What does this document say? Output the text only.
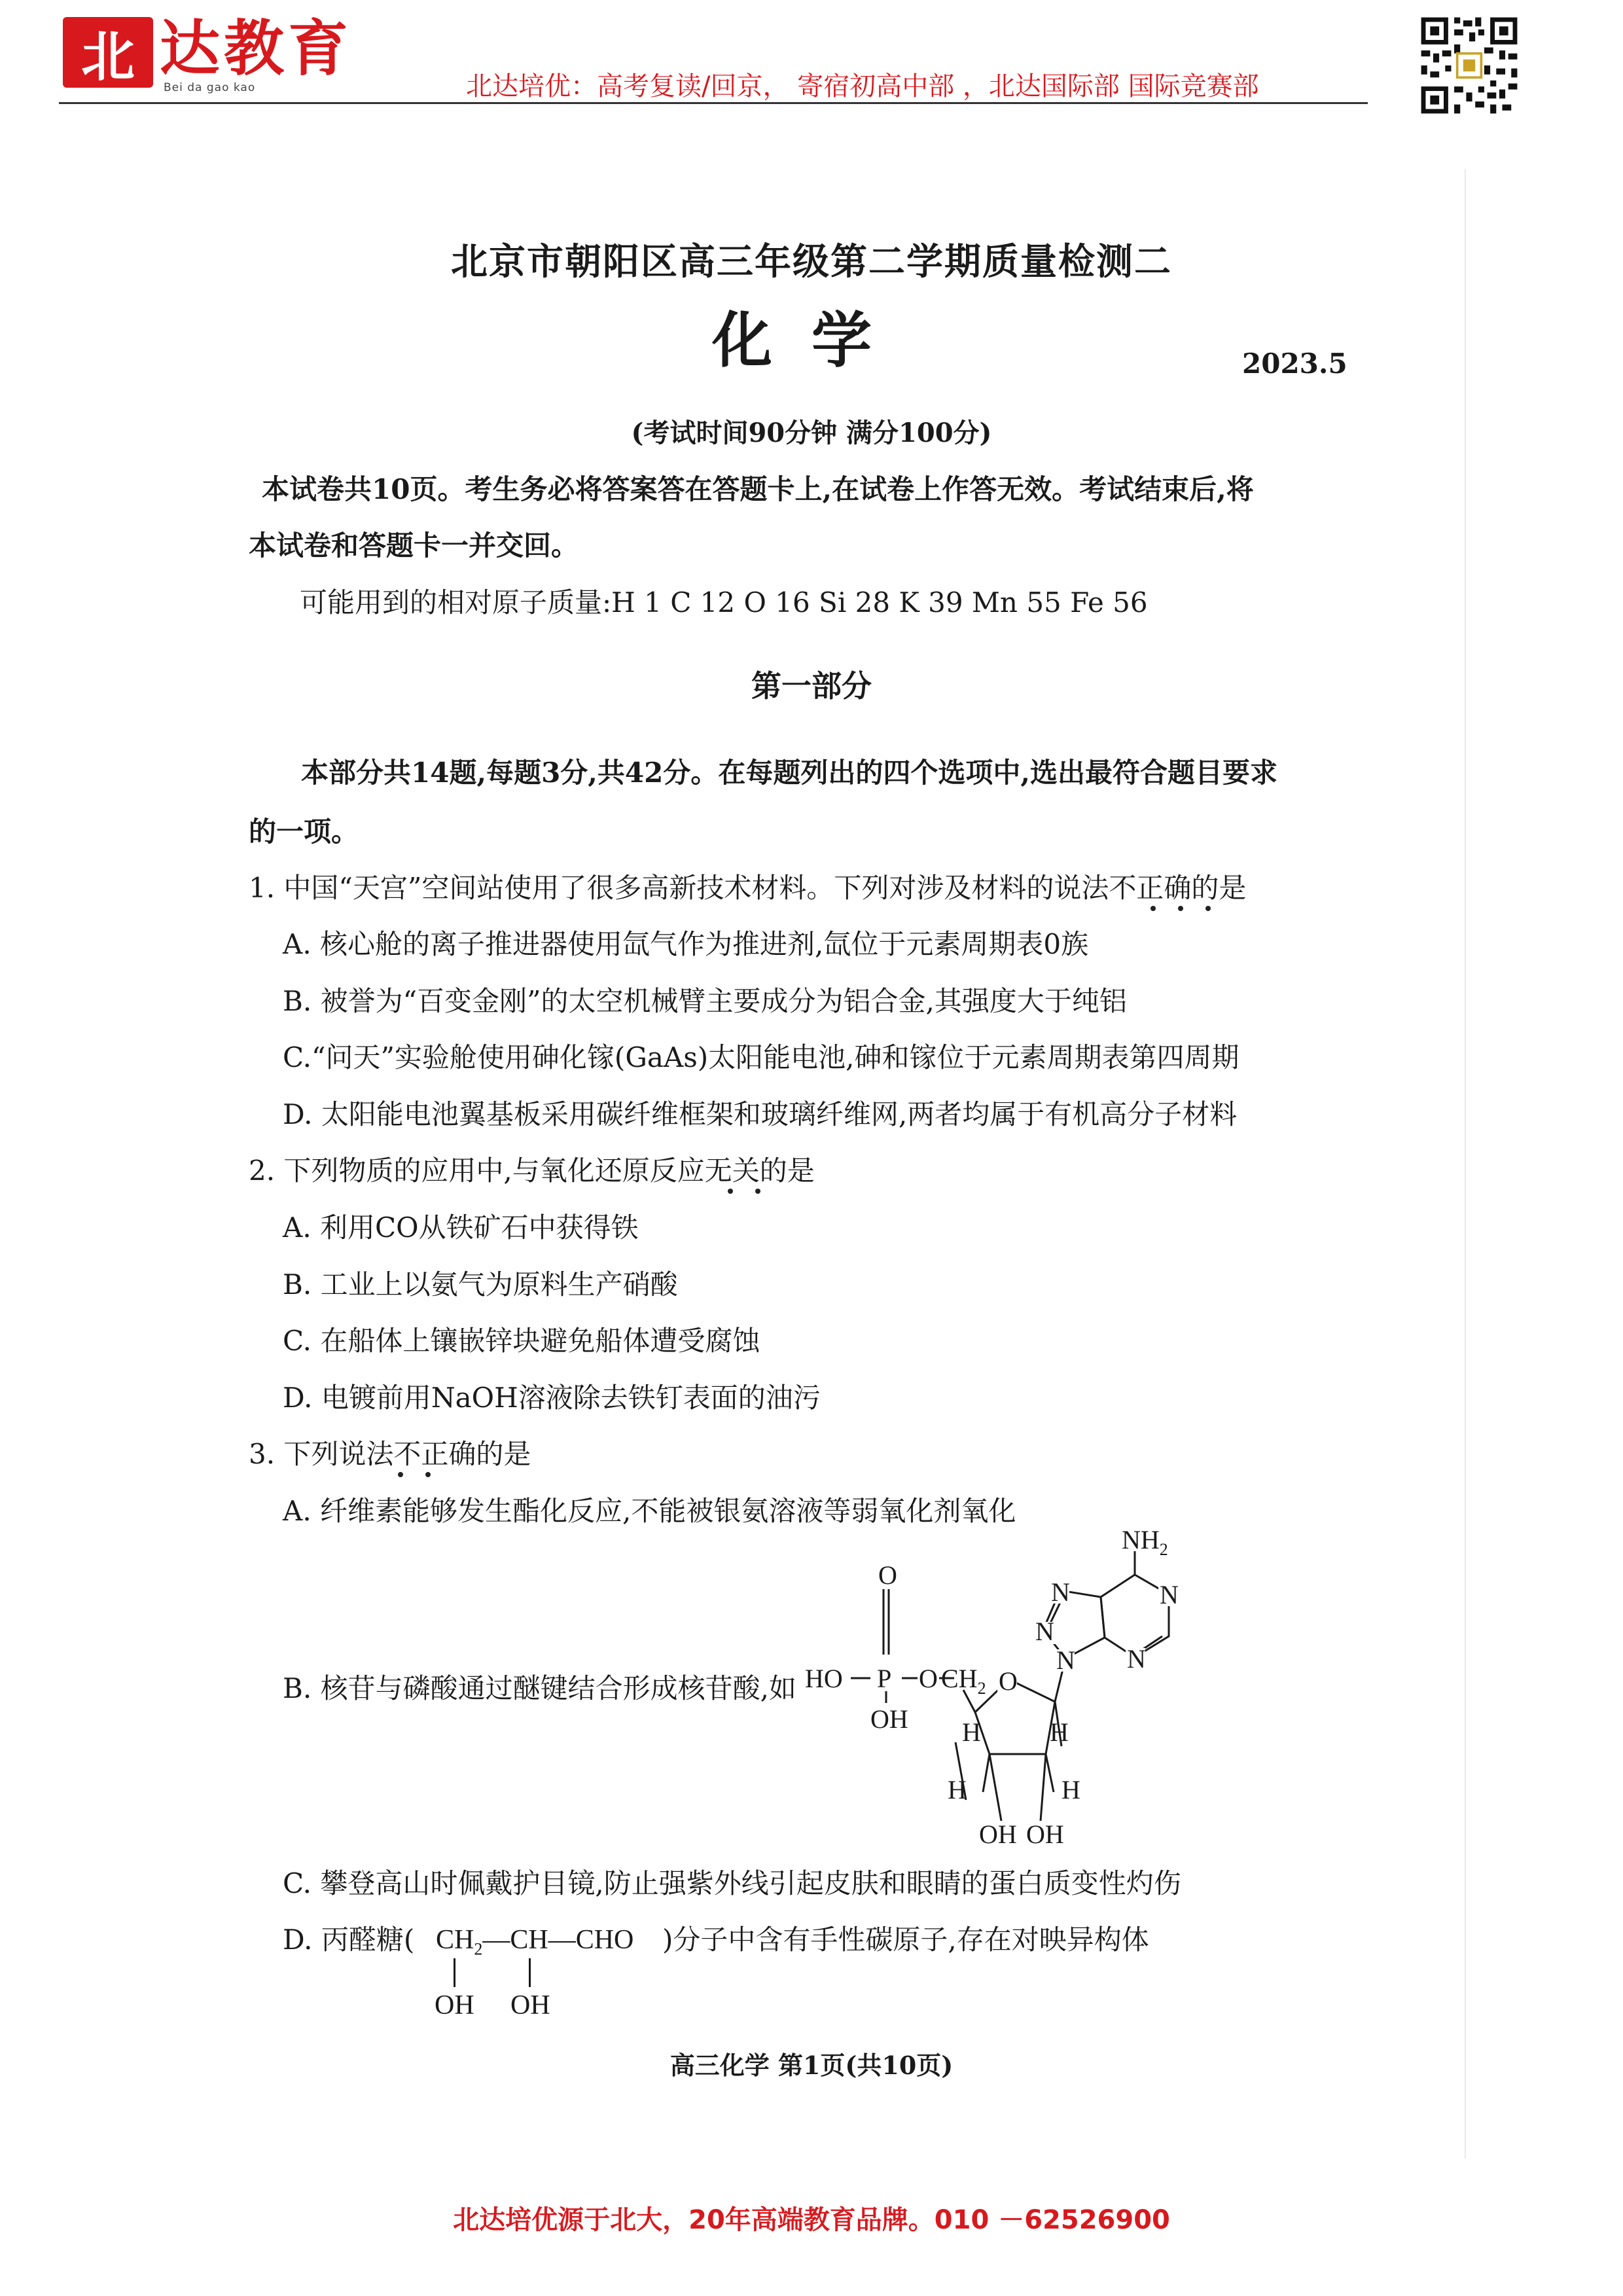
北 达教育
Bei da gao kao	北达培优：高考复读/回京， 寄宿初高中部 ，北达国际部 国际竞赛部
北京市朝阳区高三年级第二学期质量检测二
化学	2023.5
(考试时间90分钟 满分100分)
本试卷共10页。考生务必将答案答在答题卡上,在试卷上作答无效。考试结束后,将
本试卷和答题卡一并交回。
可能用到的相对原子质量:H 1 C 12 O 16 Si 28 K 39 Mn 55 Fe 56
第一部分
本部分共14题,每题3分,共42分。在每题列出的四个选项中,选出最符合题目要求
的一项。
1. 中国“天宫”空间站使用了很多高新技术材料。下列对涉及材料的说法不正确的是
A. 核心舱的离子推进器使用氙气作为推进剂,氙位于元素周期表0族
B. 被誉为“百变金刚”的太空机械臂主要成分为铝合金,其强度大于纯铝
C.“问天”实验舱使用砷化镓(GaAs)太阳能电池,砷和镓位于元素周期表第四周期
D. 太阳能电池翼基板采用碳纤维框架和玻璃纤维网,两者均属于有机高分子材料
2. 下列物质的应用中,与氧化还原反应无关的是
A. 利用CO从铁矿石中获得铁
B. 工业上以氨气为原料生产硝酸
C. 在船体上镶嵌锌块避免船体遭受腐蚀
D. 电镀前用NaOH溶液除去铁钉表面的油污
3. 下列说法不正确的是
A. 纤维素能够发生酯化反应,不能被银氨溶液等弱氧化剂氧化
B. 核苷与磷酸通过醚键结合形成核苷酸,如
O
P
HO	O $CH_2$
OH
O
H	H
H	H
OH OH
N
N	N
N
N
$NH_2$
C. 攀登高山时佩戴护目镜,防止强紫外线引起皮肤和眼睛的蛋白质变性灼伤
D. 丙醛糖( $CH_2—CH—CHO$ )分子中含有手性碳原子,存在对映异构体
OH OH
高三化学 第1页(共10页)
北达培优源于北大，20年高端教育品牌。010 －62526900
